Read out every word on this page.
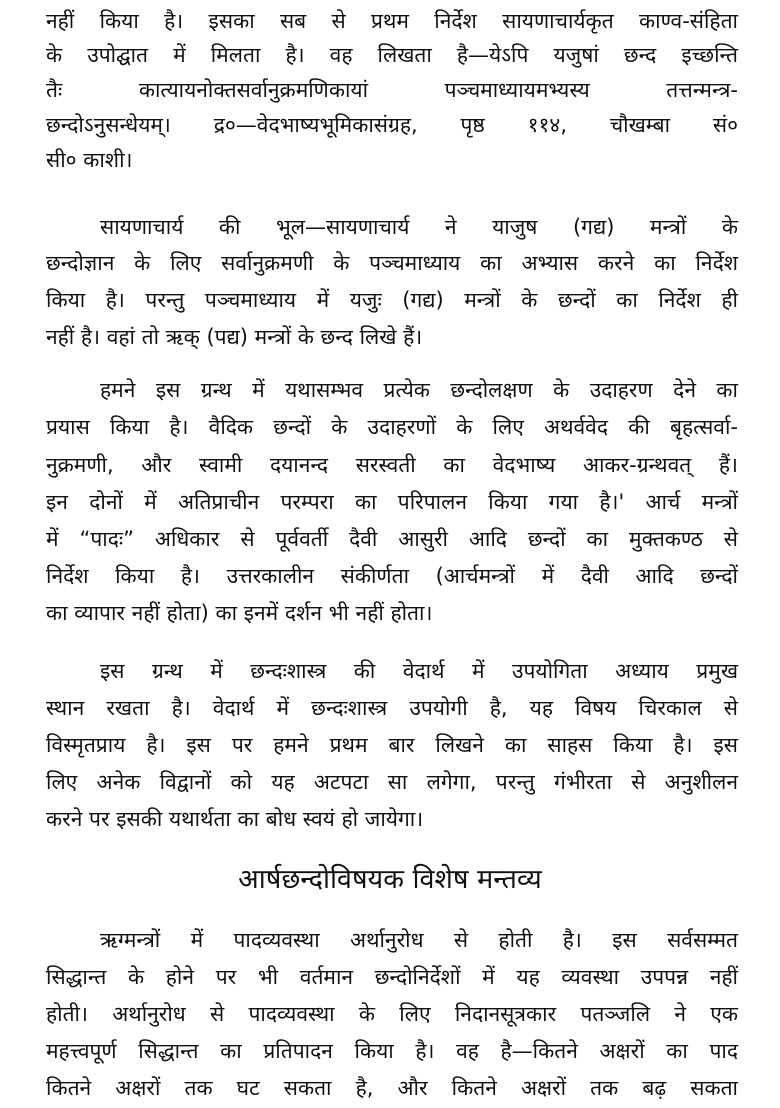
आर्षछन्दोविषयक विशेष मन्तव्य
नहीं किया है। इसका सब से प्रथम निर्देश सायणाचार्यकृत काण्व-संहिता
के उपोद्घात में मिलता है। वह लिखता है—येऽपि यजुषां छन्द इच्छन्ति
तैः कात्यायनोक्तसर्वानुक्रमणिकायां पञ्चमाध्यायमभ्यस्य तत्तन्मन्त्र-
छन्दोऽनुसन्धेयम्। द्र०—वेदभाष्यभूमिकासंग्रह, पृष्ठ ११४, चौखम्बा सं०
सी० काशी।
सायणाचार्य की भूल—सायणाचार्य ने याजुष (गद्य) मन्त्रों के
छन्दोज्ञान के लिए सर्वानुक्रमणी के पञ्चमाध्याय का अभ्यास करने का निर्देश
किया है। परन्तु पञ्चमाध्याय में यजुः (गद्य) मन्त्रों के छन्दों का निर्देश ही
नहीं है। वहां तो ऋक् (पद्य) मन्त्रों के छन्द लिखे हैं।
हमने इस ग्रन्थ में यथासम्भव प्रत्येक छन्दोलक्षण के उदाहरण देने का
प्रयास किया है। वैदिक छन्दों के उदाहरणों के लिए अथर्ववेद की बृहत्सर्वा-
नुक्रमणी, और स्वामी दयानन्द सरस्वती का वेदभाष्य आकर-ग्रन्थवत् हैं।
इन दोनों में अतिप्राचीन परम्परा का परिपालन किया गया है।' आर्च मन्त्रों
में “पादः” अधिकार से पूर्ववर्ती दैवी आसुरी आदि छन्दों का मुक्तकण्ठ से
निर्देश किया है। उत्तरकालीन संकीर्णता (आर्चमन्त्रों में दैवी आदि छन्दों
का व्यापार नहीं होता) का इनमें दर्शन भी नहीं होता।
इस ग्रन्थ में छन्दःशास्त्र की वेदार्थ में उपयोगिता अध्याय प्रमुख
स्थान रखता है। वेदार्थ में छन्दःशास्त्र उपयोगी है, यह विषय चिरकाल से
विस्मृतप्राय है। इस पर हमने प्रथम बार लिखने का साहस किया है। इस
लिए अनेक विद्वानों को यह अटपटा सा लगेगा, परन्तु गंभीरता से अनुशीलन
करने पर इसकी यथार्थता का बोध स्वयं हो जायेगा।
ऋग्मन्त्रों में पादव्यवस्था अर्थानुरोध से होती है। इस सर्वसम्मत
सिद्धान्त के होने पर भी वर्तमान छन्दोनिर्देशों में यह व्यवस्था उपपन्न नहीं
होती। अर्थानुरोध से पादव्यवस्था के लिए निदानसूत्रकार पतञ्जलि ने एक
महत्त्वपूर्ण सिद्धान्त का प्रतिपादन किया है। वह है—कितने अक्षरों का पाद
कितने अक्षरों तक घट सकता है, और कितने अक्षरों तक बढ़ सकता
